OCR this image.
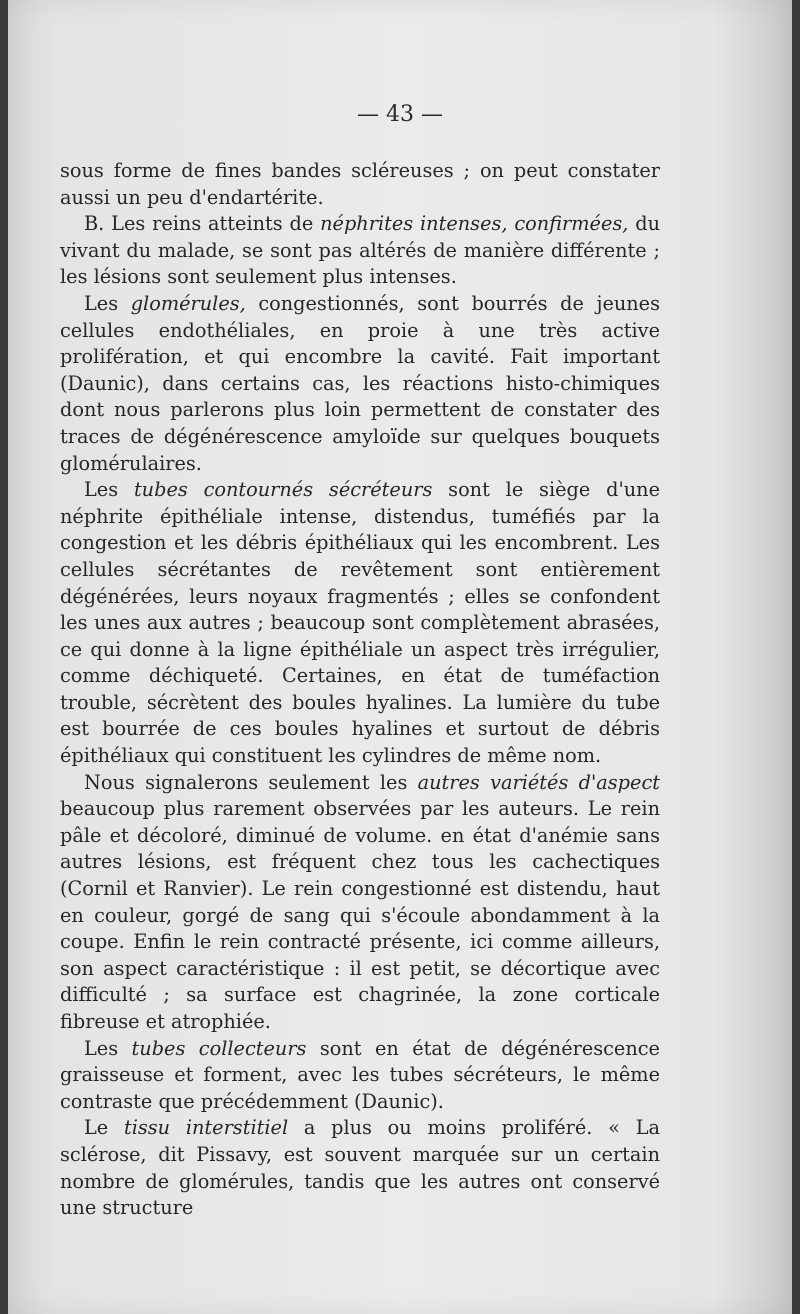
— 43 —

sous forme de fines bandes scléreuses ; on peut constater aussi un peu d'endartérite.

B. Les reins atteints de néphrites intenses, confirmées, du vivant du malade, se sont pas altérés de manière différente ; les lésions sont seulement plus intenses.

Les glomérules, congestionnés, sont bourrés de jeunes cellules endothéliales, en proie à une très active prolifération, et qui encombre la cavité. Fait important (Daunic), dans certains cas, les réactions histo-chimiques dont nous parlerons plus loin permettent de constater des traces de dégénérescence amyloïde sur quelques bouquets glomérulaires.

Les tubes contournés sécréteurs sont le siège d'une néphrite épithéliale intense, distendus, tuméfiés par la congestion et les débris épithéliaux qui les encombrent. Les cellules sécrétantes de revêtement sont entièrement dégénérées, leurs noyaux fragmentés ; elles se confondent les unes aux autres ; beaucoup sont complètement abrasées, ce qui donne à la ligne épithéliale un aspect très irrégulier, comme déchiqueté. Certaines, en état de tuméfaction trouble, sécrètent des boules hyalines. La lumière du tube est bourrée de ces boules hyalines et surtout de débris épithéliaux qui constituent les cylindres de même nom.

Nous signalerons seulement les autres variétés d'aspect beaucoup plus rarement observées par les auteurs. Le rein pâle et décoloré, diminué de volume. en état d'anémie sans autres lésions, est fréquent chez tous les cachectiques (Cornil et Ranvier). Le rein congestionné est distendu, haut en couleur, gorgé de sang qui s'écoule abondamment à la coupe. Enfin le rein contracté présente, ici comme ailleurs, son aspect caractéristique : il est petit, se décortique avec difficulté ; sa surface est chagrinée, la zone corticale fibreuse et atrophiée.

Les tubes collecteurs sont en état de dégénérescence graisseuse et forment, avec les tubes sécréteurs, le même contraste que précédemment (Daunic).

Le tissu interstitiel a plus ou moins proliféré. « La sclérose, dit Pissavy, est souvent marquée sur un certain nombre de glomérules, tandis que les autres ont conservé une structure
